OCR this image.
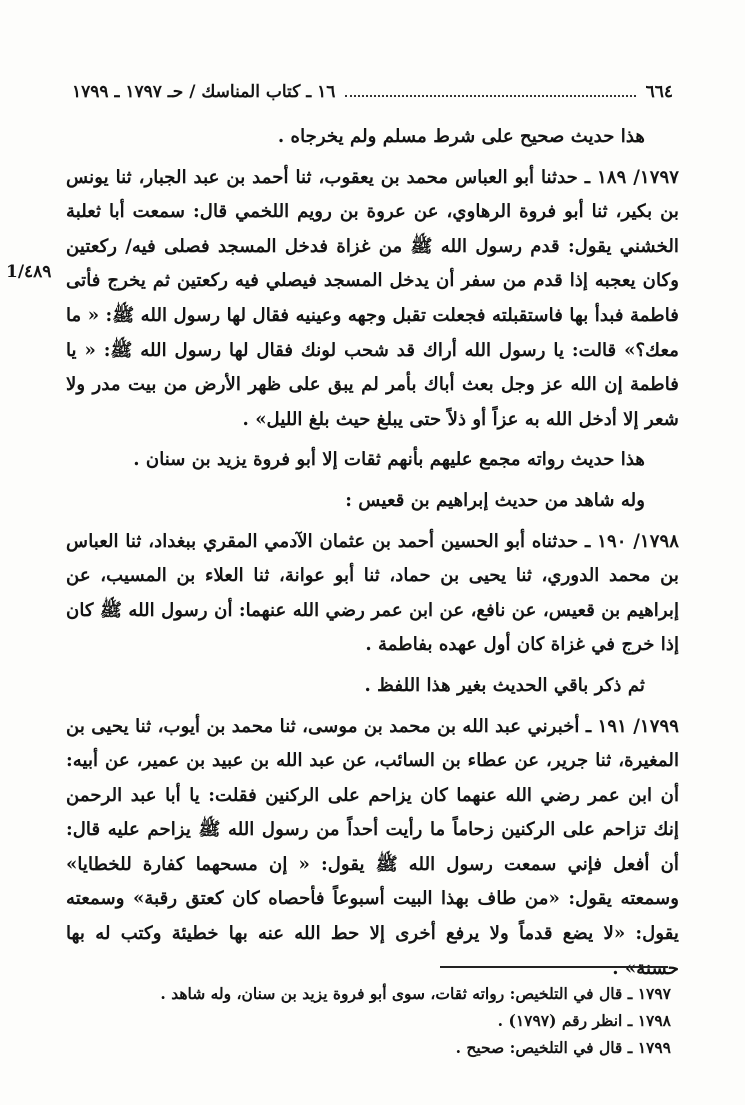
٦٦٤
١٦ ـ كتاب المناسك / حـ ١٧٩٧ ـ ١٧٩٩
1/٤٨٩

هذا حديث صحيح على شرط مسلم ولم يخرجاه .

١٧٩٧/ ١٨٩ ـ حدثنا أبو العباس محمد بن يعقوب، ثنا أحمد بن عبد الجبار، ثنا يونس بن بكير، ثنا أبو فروة الرهاوي، عن عروة بن رويم اللخمي قال: سمعت أبا ثعلبة الخشني يقول: قدم رسول الله ﷺ من غزاة فدخل المسجد فصلى فيه/ ركعتين وكان يعجبه إذا قدم من سفر أن يدخل المسجد فيصلي فيه ركعتين ثم يخرج فأتى فاطمة فبدأ بها فاستقبلته فجعلت تقبل وجهه وعينيه فقال لها رسول الله ﷺ: « ما معك؟» قالت: يا رسول الله أراك قد شحب لونك فقال لها رسول الله ﷺ: « يا فاطمة إن الله عز وجل بعث أباك بأمر لم يبق على ظهر الأرض من بيت مدر ولا شعر إلا أدخل الله به عزاً أو ذلاً حتى يبلغ حيث بلغ الليل» .

هذا حديث رواته مجمع عليهم بأنهم ثقات إلا أبو فروة يزيد بن سنان .

وله شاهد من حديث إبراهيم بن قعيس :

١٧٩٨/ ١٩٠ ـ حدثناه أبو الحسين أحمد بن عثمان الآدمي المقري ببغداد، ثنا العباس بن محمد الدوري، ثنا يحيى بن حماد، ثنا أبو عوانة، ثنا العلاء بن المسيب، عن إبراهيم بن قعيس، عن نافع، عن ابن عمر رضي الله عنهما: أن رسول الله ﷺ كان إذا خرج في غزاة كان أول عهده بفاطمة .

ثم ذكر باقي الحديث بغير هذا اللفظ .

١٧٩٩/ ١٩١ ـ أخبرني عبد الله بن محمد بن موسى، ثنا محمد بن أيوب، ثنا يحيى بن المغيرة، ثنا جرير، عن عطاء بن السائب، عن عبد الله بن عبيد بن عمير، عن أبيه: أن ابن عمر رضي الله عنهما كان يزاحم على الركنين فقلت: يا أبا عبد الرحمن إنك تزاحم على الركنين زحاماً ما رأيت أحداً من رسول الله ﷺ يزاحم عليه قال: أن أفعل فإني سمعت رسول الله ﷺ يقول: « إن مسحهما كفارة للخطايا» وسمعته يقول: «من طاف بهذا البيت أسبوعاً فأحصاه كان كعتق رقبة» وسمعته يقول: «لا يضع قدماً ولا يرفع أخرى إلا حط الله عنه بها خطيئة وكتب له بها حسنة» .

١٧٩٧ ـ قال في التلخيص: رواته ثقات، سوى أبو فروة يزيد بن سنان، وله شاهد .

١٧٩٨ ـ انظر رقم (١٧٩٧) .

١٧٩٩ ـ قال في التلخيص: صحيح .
